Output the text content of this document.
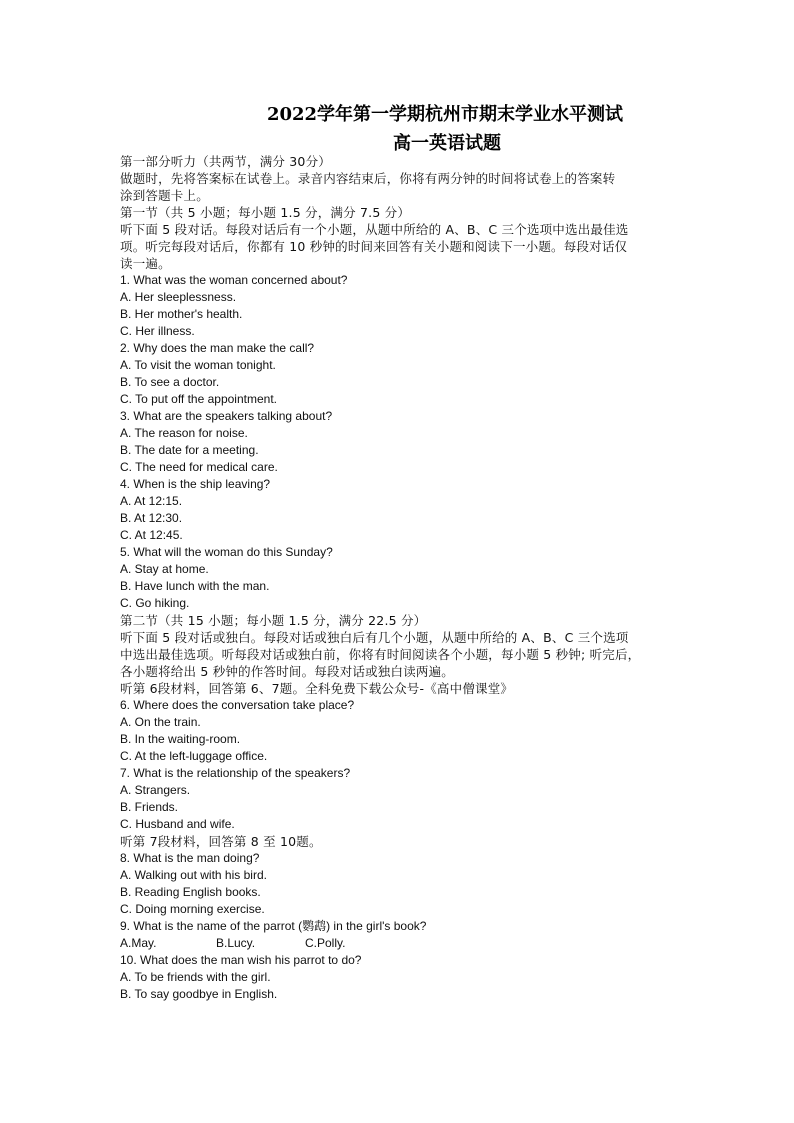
2022学年第一学期杭州市期末学业水平测试
高一英语试题
第一部分听力（共两节，满分 30分）
做题时，先将答案标在试卷上。录音内容结束后，你将有两分钟的时间将试卷上的答案转
涂到答题卡上。
第一节（共 5 小题；每小题 1.5 分，满分 7.5 分）
听下面 5 段对话。每段对话后有一个小题，从题中所给的 A、B、C 三个选项中选出最佳选
项。听完每段对话后，你都有 10 秒钟的时间来回答有关小题和阅读下一小题。每段对话仅
读一遍。
1. What was the woman concerned about?
A. Her sleeplessness.
B. Her mother's health.
C. Her illness.
2. Why does the man make the call?
A. To visit the woman tonight.
B. To see a doctor.
C. To put off the appointment.
3. What are the speakers talking about?
A. The reason for noise.
B. The date for a meeting.
C. The need for medical care.
4. When is the ship leaving?
A. At 12:15.
B. At 12:30.
C. At 12:45.
5. What will the woman do this Sunday?
A. Stay at home.
B. Have lunch with the man.
C. Go hiking.
第二节（共 15 小题；每小题 1.5 分，满分 22.5 分）
听下面 5 段对话或独白。每段对话或独白后有几个小题，从题中所给的 A、B、C 三个选项
中选出最佳选项。听每段对话或独白前，你将有时间阅读各个小题，每小题 5 秒钟; 听完后，
各小题将给出 5 秒钟的作答时间。每段对话或独白读两遍。
听第 6段材料，回答第 6、7题。全科免费下载公众号-《高中僧课堂》
6. Where does the conversation take place?
A. On the train.
B. In the waiting-room.
C. At the left-luggage office.
7. What is the relationship of the speakers?
A. Strangers.
B. Friends.
C. Husband and wife.
听第 7段材料，回答第 8 至 10题。
8. What is the man doing?
A. Walking out with his bird.
B. Reading English books.
C. Doing morning exercise.
9. What is the name of the parrot (鹦鹉) in the girl's book?
A.May.	B.Lucy.	C.Polly.
10. What does the man wish his parrot to do?
A. To be friends with the girl.
B. To say goodbye in English.
